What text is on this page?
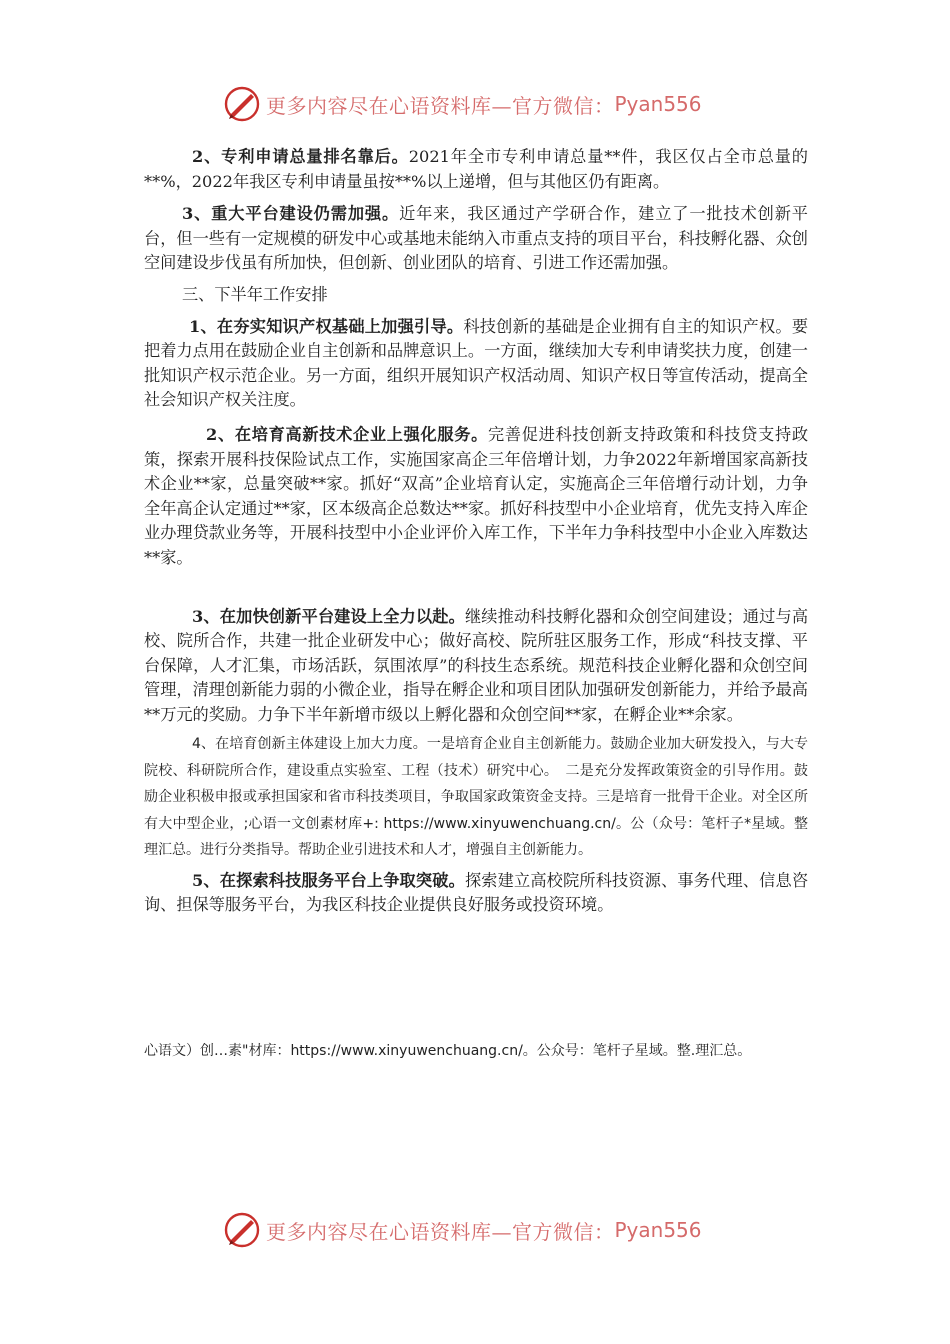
更多内容尽在心语资料库—官方微信： Pyan556

2、专利申请总量排名靠后。2021年全市专利申请总量**件，我区仅占全市总量的**%，2022年我区专利申请量虽按**%以上递增，但与其他区仍有距离。

3、重大平台建设仍需加强。近年来，我区通过产学研合作，建立了一批技术创新平台，但一些有一定规模的研发中心或基地未能纳入市重点支持的项目平台，科技孵化器、众创空间建设步伐虽有所加快，但创新、创业团队的培育、引进工作还需加强。

三、下半年工作安排

1、在夯实知识产权基础上加强引导。科技创新的基础是企业拥有自主的知识产权。要把着力点用在鼓励企业自主创新和品牌意识上。一方面，继续加大专利申请奖扶力度，创建一批知识产权示范企业。另一方面，组织开展知识产权活动周、知识产权日等宣传活动，提高全社会知识产权关注度。

2、在培育高新技术企业上强化服务。完善促进科技创新支持政策和科技贷支持政策，探索开展科技保险试点工作，实施国家高企三年倍增计划，力争2022年新增国家高新技术企业**家，总量突破**家。抓好“双高”企业培育认定，实施高企三年倍增行动计划，力争全年高企认定通过**家，区本级高企总数达**家。抓好科技型中小企业培育，优先支持入库企业办理贷款业务等，开展科技型中小企业评价入库工作，下半年力争科技型中小企业入库数达**家。

3、在加快创新平台建设上全力以赴。继续推动科技孵化器和众创空间建设；通过与高校、院所合作，共建一批企业研发中心；做好高校、院所驻区服务工作，形成“科技支撑、平台保障，人才汇集，市场活跃，氛围浓厚”的科技生态系统。规范科技企业孵化器和众创空间管理，清理创新能力弱的小微企业，指导在孵企业和项目团队加强研发创新能力，并给予最高**万元的奖励。力争下半年新增市级以上孵化器和众创空间**家，在孵企业**余家。

4、在培育创新主体建设上加大力度。一是培育企业自主创新能力。鼓励企业加大研发投入，与大专院校、科研院所合作，建设重点实验室、工程（技术）研究中心。　二是充分发挥政策资金的引导作用。鼓励企业积极申报或承担国家和省市科技类项目，争取国家政策资金支持。三是培育一批骨干企业。对全区所有大中型企业，;心语一文创素材库+: https://www.xinyuwenchuang.cn/。公（众号：笔杆子*星域。整理汇总。进行分类指导。帮助企业引进技术和人才，增强自主创新能力。

5、在探索科技服务平台上争取突破。探索建立高校院所科技资源、事务代理、信息咨询、担保等服务平台，为我区科技企业提供良好服务或投资环境。

心语文）创…素"材库：https://www.xinyuwenchuang.cn/。公众号：笔杆子星域。整.理汇总。
更多内容尽在心语资料库—官方微信： Pyan556
